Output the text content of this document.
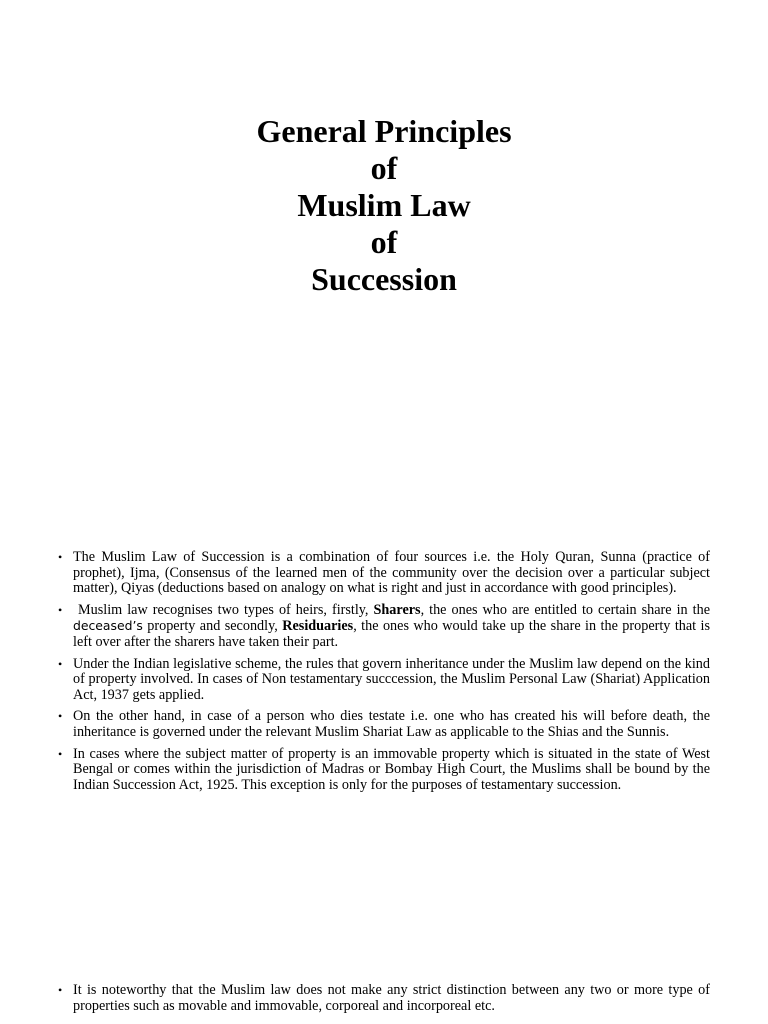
General Principles
of
Muslim Law
of
Succession
• The Muslim Law of Succession is a combination of four sources i.e. the Holy Quran, Sunna (practice of prophet), Ijma, (Consensus of the learned men of the community over the decision over a particular subject matter), Qiyas (deductions based on analogy on what is right and just in accordance with good principles).
• Muslim law recognises two types of heirs, firstly, Sharers, the ones who are entitled to certain share in the deceased’s property and secondly, Residuaries, the ones who would take up the share in the property that is left over after the sharers have taken their part.
• Under the Indian legislative scheme, the rules that govern inheritance under the Muslim law depend on the kind of property involved. In cases of Non testamentary succcession, the Muslim Personal Law (Shariat) Application Act, 1937 gets applied.
• On the other hand, in case of a person who dies testate i.e. one who has created his will before death, the inheritance is governed under the relevant Muslim Shariat Law as applicable to the Shias and the Sunnis.
• In cases where the subject matter of property is an immovable property which is situated in the state of West Bengal or comes within the jurisdiction of Madras or Bombay High Court, the Muslims shall be bound by the Indian Succession Act, 1925. This exception is only for the purposes of testamentary succession.
• It is noteworthy that the Muslim law does not make any strict distinction between any two or more type of properties such as movable and immovable, corporeal and incorporeal etc.
